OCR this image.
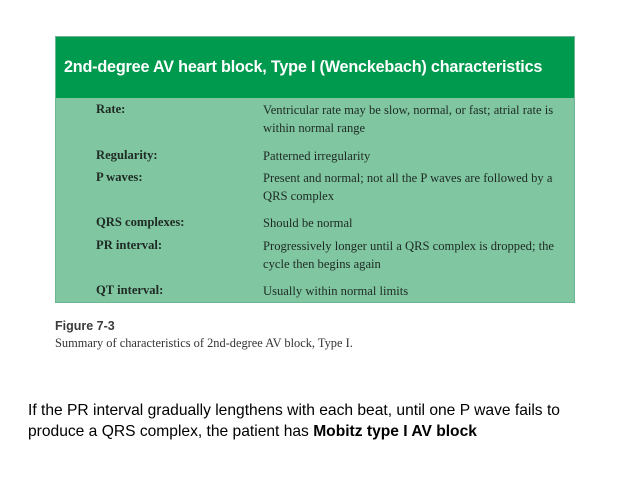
2nd-degree AV heart block, Type I (Wenckebach) characteristics
Rate:	Ventricular rate may be slow, normal, or fast; atrial rate is within normal range
Regularity:	Patterned irregularity
P waves:	Present and normal; not all the P waves are followed by a QRS complex
QRS complexes:	Should be normal
PR interval:	Progressively longer until a QRS complex is dropped; the cycle then begins again
QT interval:	Usually within normal limits
Figure 7-3
Summary of characteristics of 2nd-degree AV block, Type I.
If the PR interval gradually lengthens with each beat, until one P wave fails to produce a QRS complex, the patient has Mobitz type I AV block
